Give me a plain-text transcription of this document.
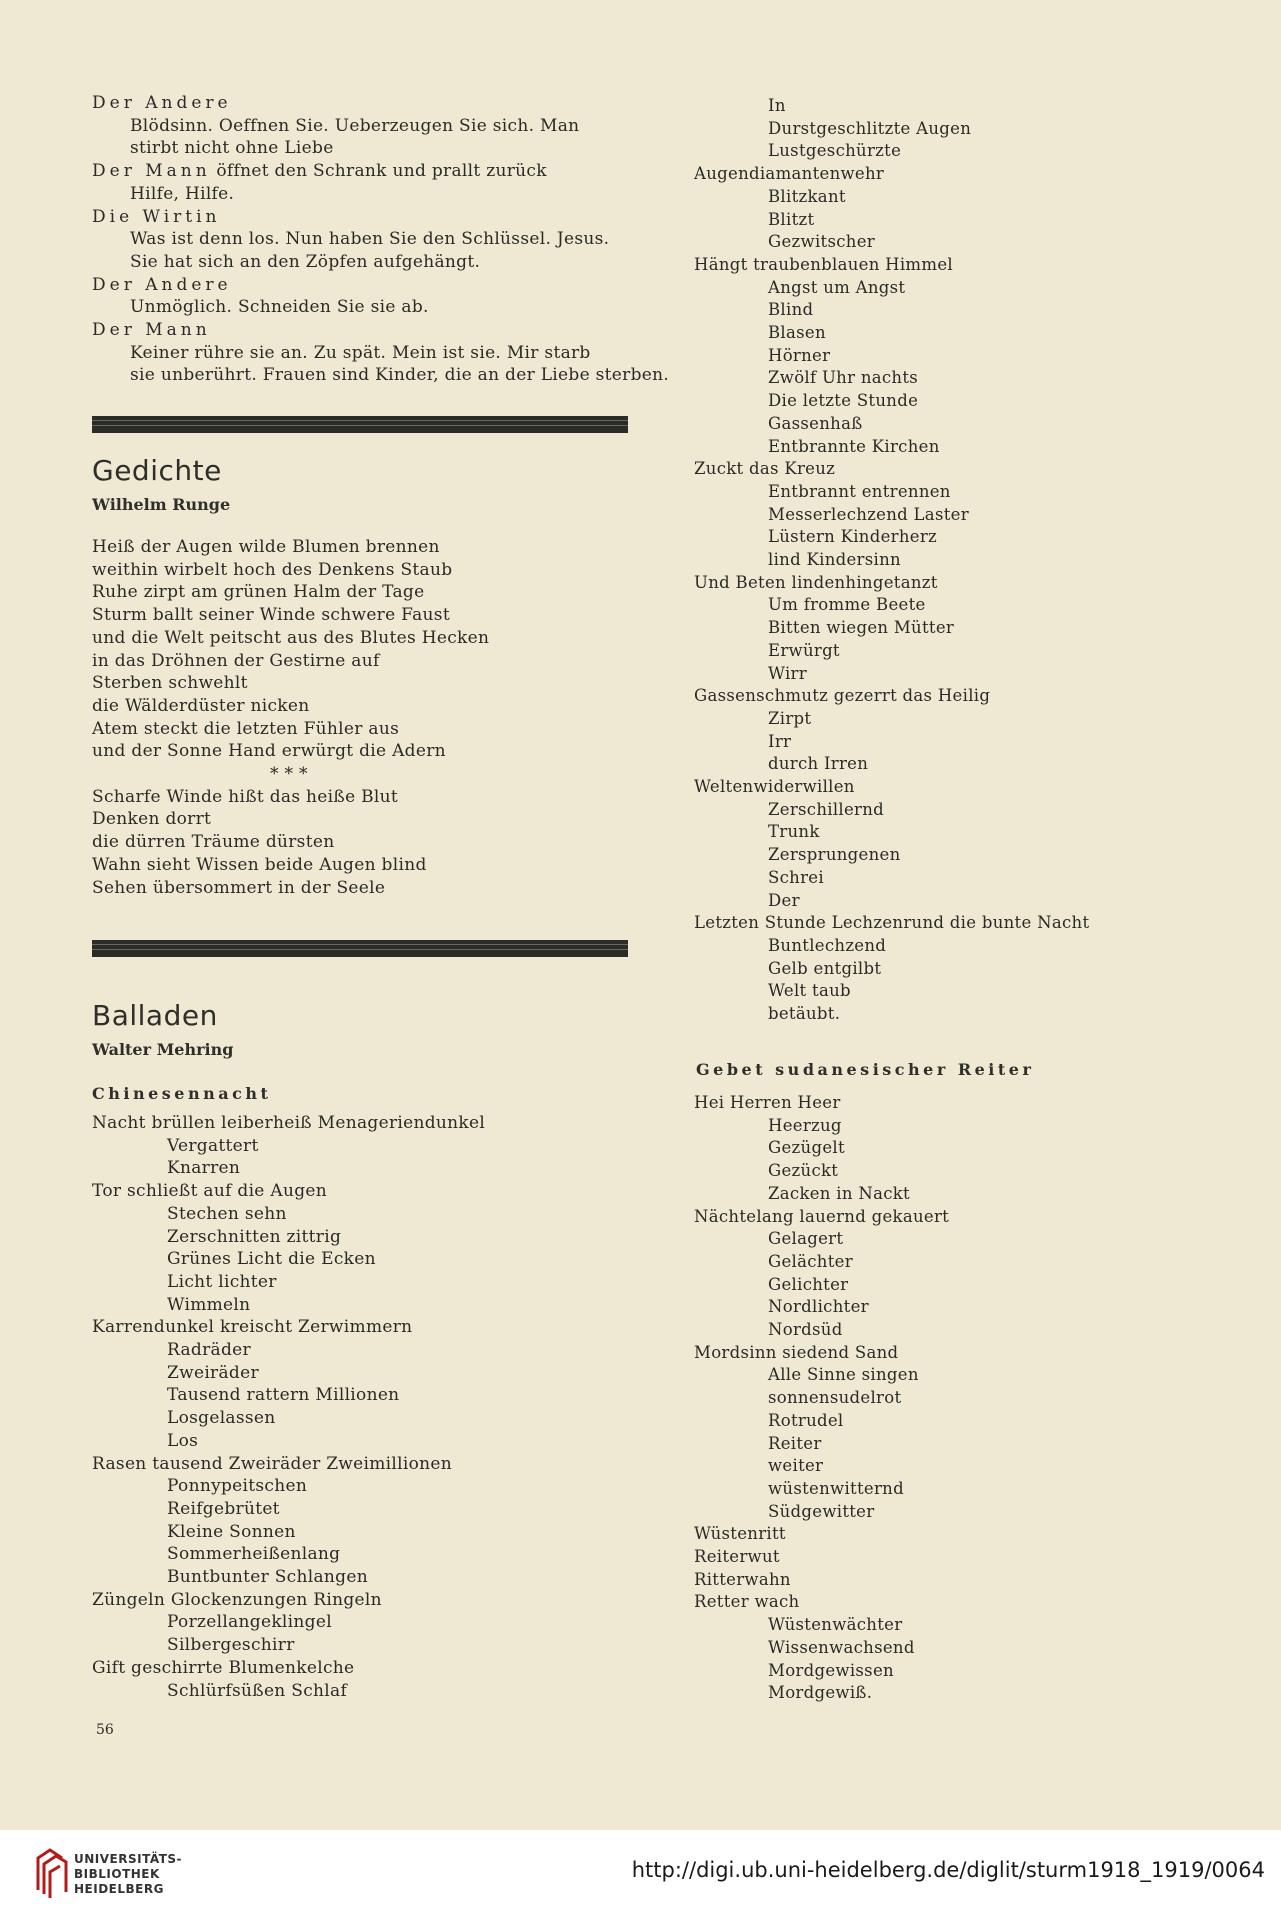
Der Andere
Blödsinn. Oeffnen Sie. Ueberzeugen Sie sich. Man
stirbt nicht ohne Liebe
Der Mann öffnet den Schrank und prallt zurück
Hilfe, Hilfe.
Die Wirtin
Was ist denn los. Nun haben Sie den Schlüssel. Jesus.
Sie hat sich an den Zöpfen aufgehängt.
Der Andere
Unmöglich. Schneiden Sie sie ab.
Der Mann
Keiner rühre sie an. Zu spät. Mein ist sie. Mir starb
sie unberührt. Frauen sind Kinder, die an der Liebe sterben.
Gedichte
Wilhelm Runge
Heiß der Augen wilde Blumen brennen
weithin wirbelt hoch des Denkens Staub
Ruhe zirpt am grünen Halm der Tage
Sturm ballt seiner Winde schwere Faust
und die Welt peitscht aus des Blutes Hecken
in das Dröhnen der Gestirne auf
Sterben schwehlt
die Wälderdüster nicken
Atem steckt die letzten Fühler aus
und der Sonne Hand erwürgt die Adern
* * *
Scharfe Winde hißt das heiße Blut
Denken dorrt
die dürren Träume dürsten
Wahn sieht Wissen beide Augen blind
Sehen übersommert in der Seele
Balladen
Walter Mehring
Chinesennacht
Nacht brüllen leiberheiß Menageriendunkel
Vergattert
Knarren
Tor schließt auf die Augen
Stechen sehn
Zerschnitten zittrig
Grünes Licht die Ecken
Licht lichter
Wimmeln
Karrendunkel kreischt Zerwimmern
Radräder
Zweiräder
Tausend rattern Millionen
Losgelassen
Los
Rasen tausend Zweiräder Zweimillionen
Ponnypeitschen
Reifgebrütet
Kleine Sonnen
Sommerheißenlang
Buntbunter Schlangen
Züngeln Glockenzungen Ringeln
Porzellangeklingel
Silbergeschirr
Gift geschirrte Blumenkelche
Schlürfsüßen Schlaf
56
In
Durstgeschlitzte Augen
Lustgeschürzte
Augendiamantenwehr
Blitzkant
Blitzt
Gezwitscher
Hängt traubenblauen Himmel
Angst um Angst
Blind
Blasen
Hörner
Zwölf Uhr nachts
Die letzte Stunde
Gassenhaß
Entbrannte Kirchen
Zuckt das Kreuz
Entbrannt entrennen
Messerlechzend Laster
Lüstern Kinderherz
lind Kindersinn
Und Beten lindenhingetanzt
Um fromme Beete
Bitten wiegen Mütter
Erwürgt
Wirr
Gassenschmutz gezerrt das Heilig
Zirpt
Irr
durch Irren
Weltenwiderwillen
Zerschillernd
Trunk
Zersprungenen
Schrei
Der
Letzten Stunde Lechzenrund die bunte Nacht
Buntlechzend
Gelb entgilbt
Welt taub
betäubt.
Gebet sudanesischer Reiter
Hei Herren Heer
Heerzug
Gezügelt
Gezückt
Zacken in Nackt
Nächtelang lauernd gekauert
Gelagert
Gelächter
Gelichter
Nordlichter
Nordsüd
Mordsinn siedend Sand
Alle Sinne singen
sonnensudelrot
Rotrudel
Reiter
weiter
wüstenwitternd
Südgewitter
Wüstenritt
Reiterwut
Ritterwahn
Retter wach
Wüstenwächter
Wissenwachsend
Mordgewissen
Mordgewiß.
UNIVERSITÄTS-
BIBLIOTHEK
HEIDELBERG
http://digi.ub.uni-heidelberg.de/diglit/sturm1918_1919/0064
